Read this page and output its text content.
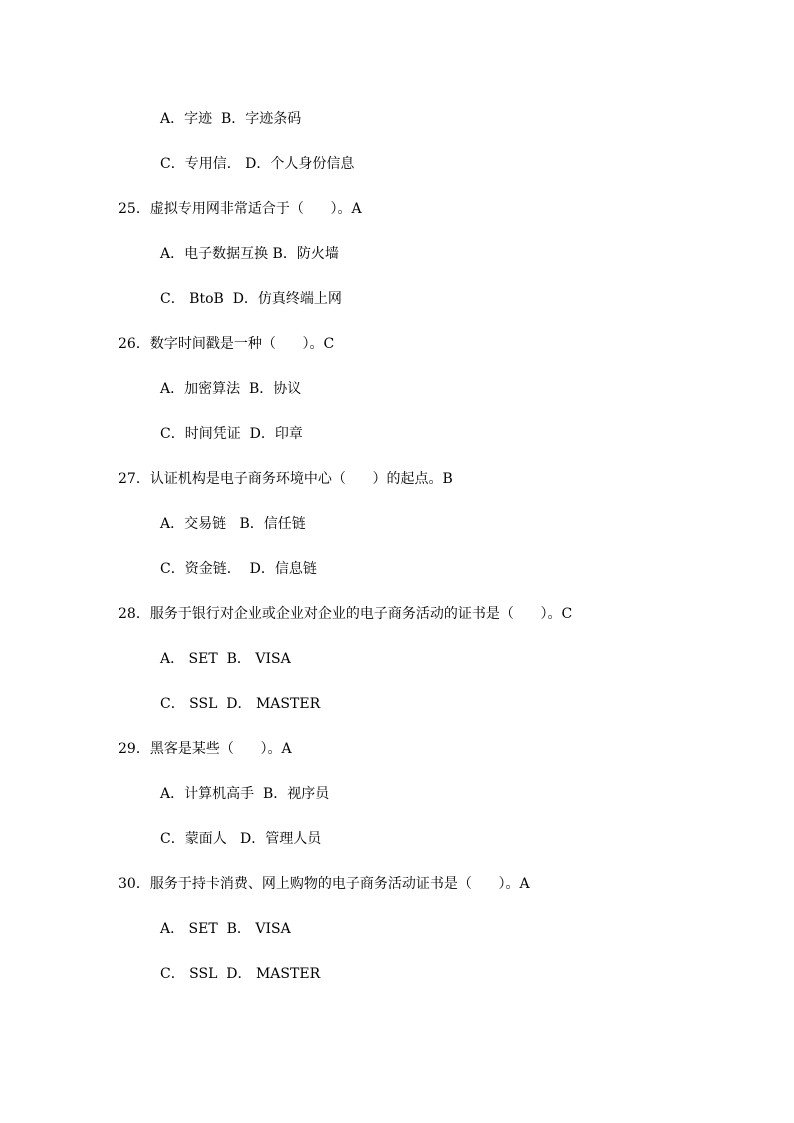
A．字迹  B．字迹条码
C．专用信． D．个人身份信息
25．虚拟专用网非常适合于（      ）。A
A．电子数据互换 B．防火墙
C． BtoB  D．仿真终端上网
26．数字时间戳是一种（      ）。C
A．加密算法  B．协议
C．时间凭证  D．印章
27．认证机构是电子商务环境中心（      ）的起点。B
A．交易链   B．信任链
C．资金链．  D．信息链
28．服务于银行对企业或企业对企业的电子商务活动的证书是（      ）。C
A． SET  B． VISA
C． SSL  D． MASTER
29．黑客是某些（      ）。A
A．计算机高手  B．视序员
C．蒙面人   D．管理人员
30．服务于持卡消费、网上购物的电子商务活动证书是（      ）。A
A． SET  B． VISA
C． SSL  D． MASTER
